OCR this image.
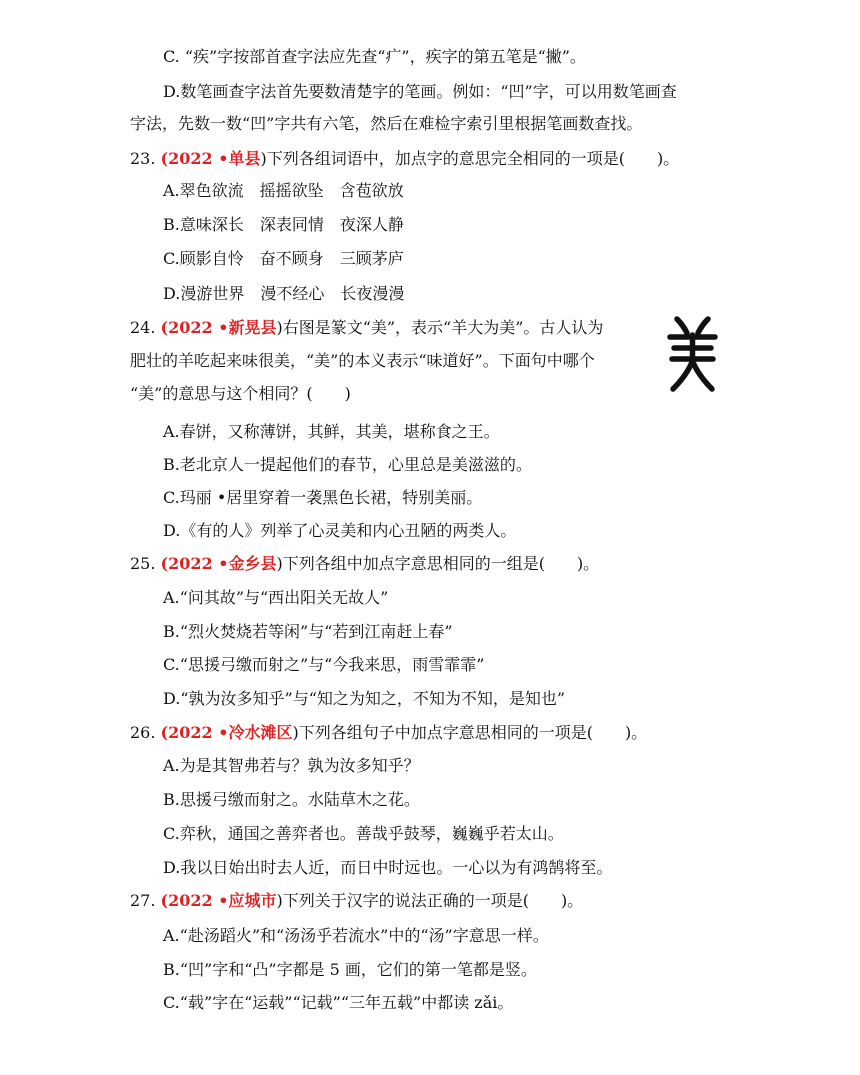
C. “疾”字按部首查字法应先查“疒”，疾字的第五笔是“撇”。
D.数笔画查字法首先要数清楚字的笔画。例如：“凹”字，可以用数笔画查
字法，先数一数“凹”字共有六笔，然后在难检字索引里根据笔画数查找。
23. (2022 •单县)下列各组词语中，加点字的意思完全相同的一项是(　　)。
A.翠色欲流　摇摇欲坠　含苞欲放
B.意味深长　深表同情　夜深人静
C.顾影自怜　奋不顾身　三顾茅庐
D.漫游世界　漫不经心　长夜漫漫
24. (2022 •新晃县)右图是篆文“美”，表示“羊大为美”。古人认为
肥壮的羊吃起来味很美，“美”的本义表示“味道好”。下面句中哪个
“美”的意思与这个相同？(　　)
A.春饼，又称薄饼，其鲜，其美，堪称食之王。
B.老北京人一提起他们的春节，心里总是美滋滋的。
C.玛丽 •居里穿着一袭黑色长裙，特别美丽。
D.《有的人》列举了心灵美和内心丑陋的两类人。
25. (2022 •金乡县)下列各组中加点字意思相同的一组是(　　)。
A.“问其故”与“西出阳关无故人”
B.“烈火焚烧若等闲”与“若到江南赶上春”
C.“思援弓缴而射之”与“今我来思，雨雪霏霏”
D.“孰为汝多知乎”与“知之为知之，不知为不知，是知也”
26. (2022 •冷水滩区)下列各组句子中加点字意思相同的一项是(　　)。
A.为是其智弗若与？孰为汝多知乎？
B.思援弓缴而射之。水陆草木之花。
C.弈秋，通国之善弈者也。善哉乎鼓琴，巍巍乎若太山。
D.我以日始出时去人近，而日中时远也。一心以为有鸿鹄将至。
27. (2022 •应城市)下列关于汉字的说法正确的一项是(　　)。
A.“赴汤蹈火”和“汤汤乎若流水”中的“汤”字意思一样。
B.“凹”字和“凸”字都是 5 画，它们的第一笔都是竖。
C.“载”字在“运载”“记载”“三年五载”中都读 zǎi。
